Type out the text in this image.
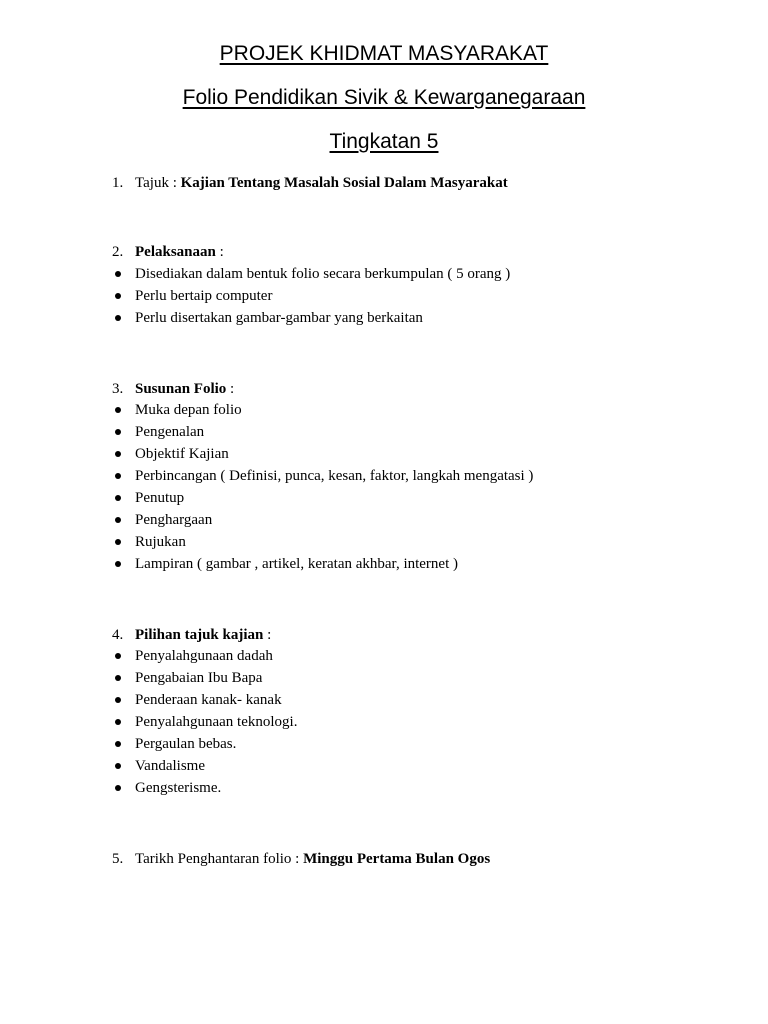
PROJEK KHIDMAT MASYARAKAT
Folio Pendidikan Sivik & Kewarganegaraan
Tingkatan 5
1. Tajuk : Kajian Tentang Masalah Sosial Dalam Masyarakat
2. Pelaksanaan :
Disediakan dalam bentuk folio secara berkumpulan ( 5 orang )
Perlu bertaip computer
Perlu disertakan gambar-gambar yang berkaitan
3. Susunan Folio :
Muka depan folio
Pengenalan
Objektif Kajian
Perbincangan ( Definisi, punca, kesan, faktor, langkah mengatasi )
Penutup
Penghargaan
Rujukan
Lampiran ( gambar , artikel, keratan akhbar, internet )
4. Pilihan tajuk kajian :
Penyalahgunaan dadah
Pengabaian Ibu Bapa
Penderaan kanak- kanak
Penyalahgunaan teknologi.
Pergaulan bebas.
Vandalisme
Gengsterisme.
5. Tarikh Penghantaran folio : Minggu Pertama Bulan Ogos
